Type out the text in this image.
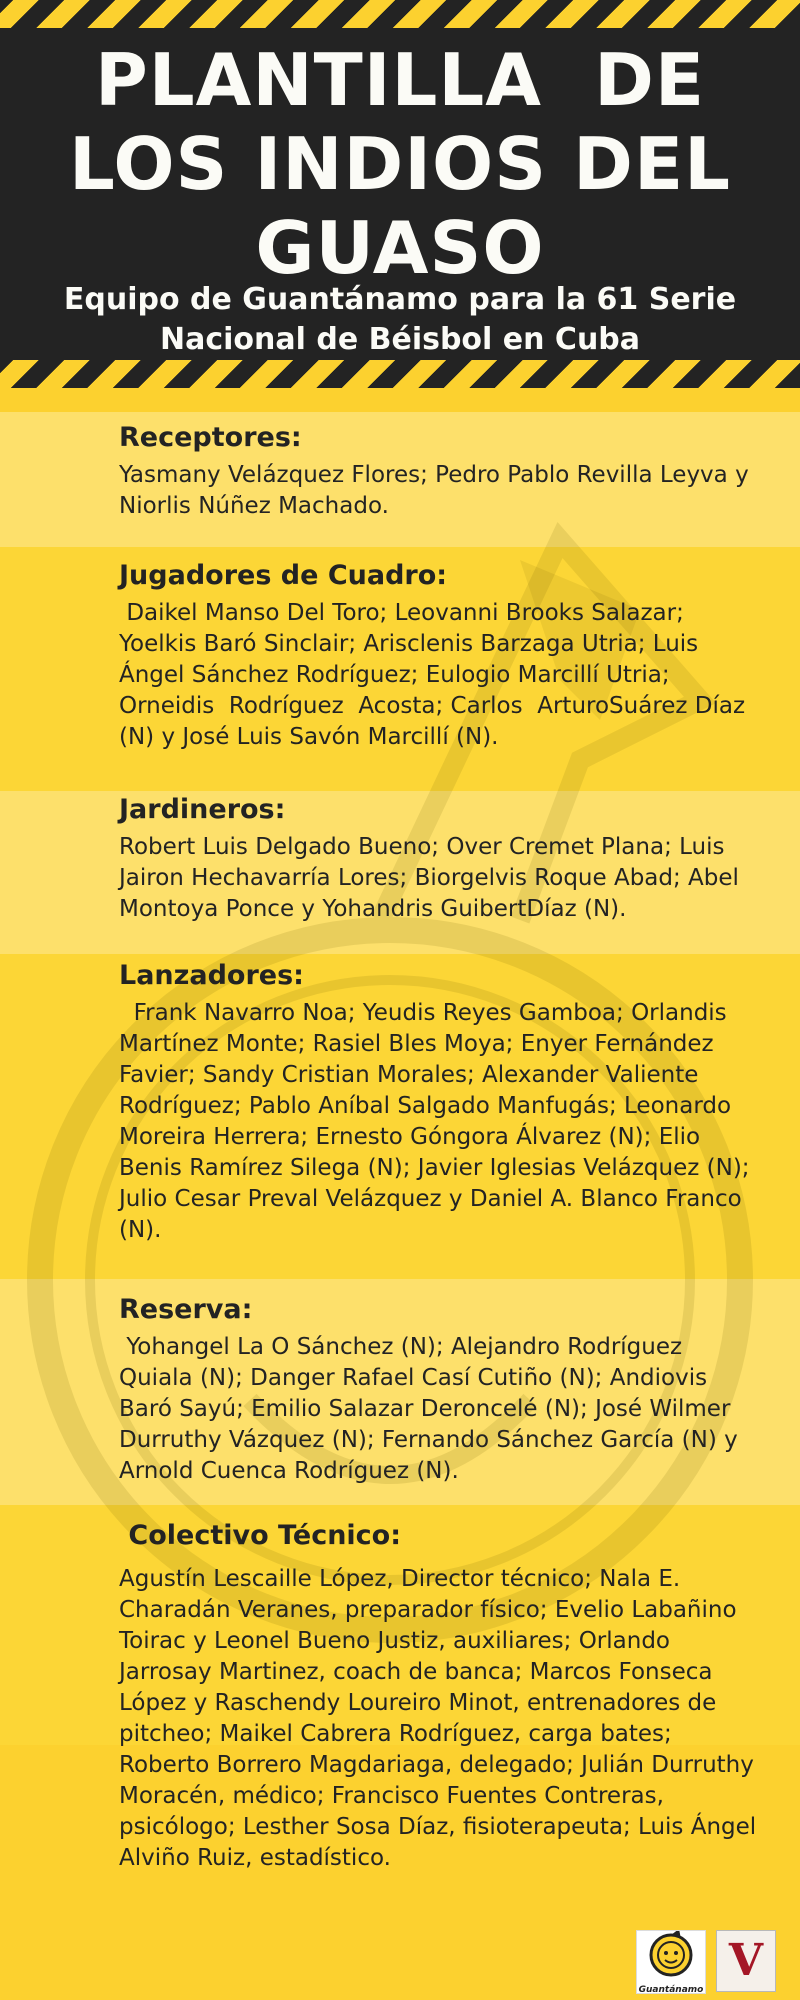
PLANTILLA  DE
LOS INDIOS DEL
GUASO
Equipo de Guantánamo para la 61 Serie
Nacional de Béisbol en Cuba
Receptores:

Yasmany Velázquez Flores; Pedro Pablo Revilla Leyva y Niorlis Núñez Machado.

Jugadores de Cuadro:

Daikel Manso Del Toro; Leovanni Brooks Salazar; Yoelkis Baró Sinclair; Arisclenis Barzaga Utria; Luis Ángel Sánchez Rodríguez; Eulogio Marcillí Utria; Orneidis  Rodríguez  Acosta; Carlos  ArturoSuárez Díaz (N) y José Luis Savón Marcillí (N).

Jardineros:

Robert Luis Delgado Bueno; Over Cremet Plana; Luis Jairon Hechavarría Lores; Biorgelvis Roque Abad; Abel Montoya Ponce y Yohandris GuibertDíaz (N).

Lanzadores:

Frank Navarro Noa; Yeudis Reyes Gamboa; Orlandis Martínez Monte; Rasiel Bles Moya; Enyer Fernández Favier; Sandy Cristian Morales; Alexander Valiente Rodríguez; Pablo Aníbal Salgado Manfugás; Leonardo Moreira Herrera; Ernesto Góngora Álvarez (N); Elio Benis Ramírez Silega (N); Javier Iglesias Velázquez (N); Julio Cesar Preval Velázquez y Daniel A. Blanco Franco (N).

Reserva:

Yohangel La O Sánchez (N); Alejandro Rodríguez Quiala (N); Danger Rafael Casí Cutiño (N); Andiovis Baró Sayú; Emilio Salazar Deroncelé (N); José Wilmer Durruthy Vázquez (N); Fernando Sánchez García (N) y Arnold Cuenca Rodríguez (N).

Colectivo Técnico:

Agustín Lescaille López, Director técnico; Nala E. Charadán Veranes, preparador físico; Evelio Labañino Toirac y Leonel Bueno Justiz, auxiliares; Orlando Jarrosay Martinez, coach de banca; Marcos Fonseca López y Raschendy Loureiro Minot, entrenadores de pitcheo; Maikel Cabrera Rodríguez, carga bates; Roberto Borrero Magdariaga, delegado; Julián Durruthy Moracén, médico; Francisco Fuentes Contreras, psicólogo; Lesther Sosa Díaz, fisioterapeuta; Luis Ángel Alviño Ruiz, estadístico.

Guantánamo
V
